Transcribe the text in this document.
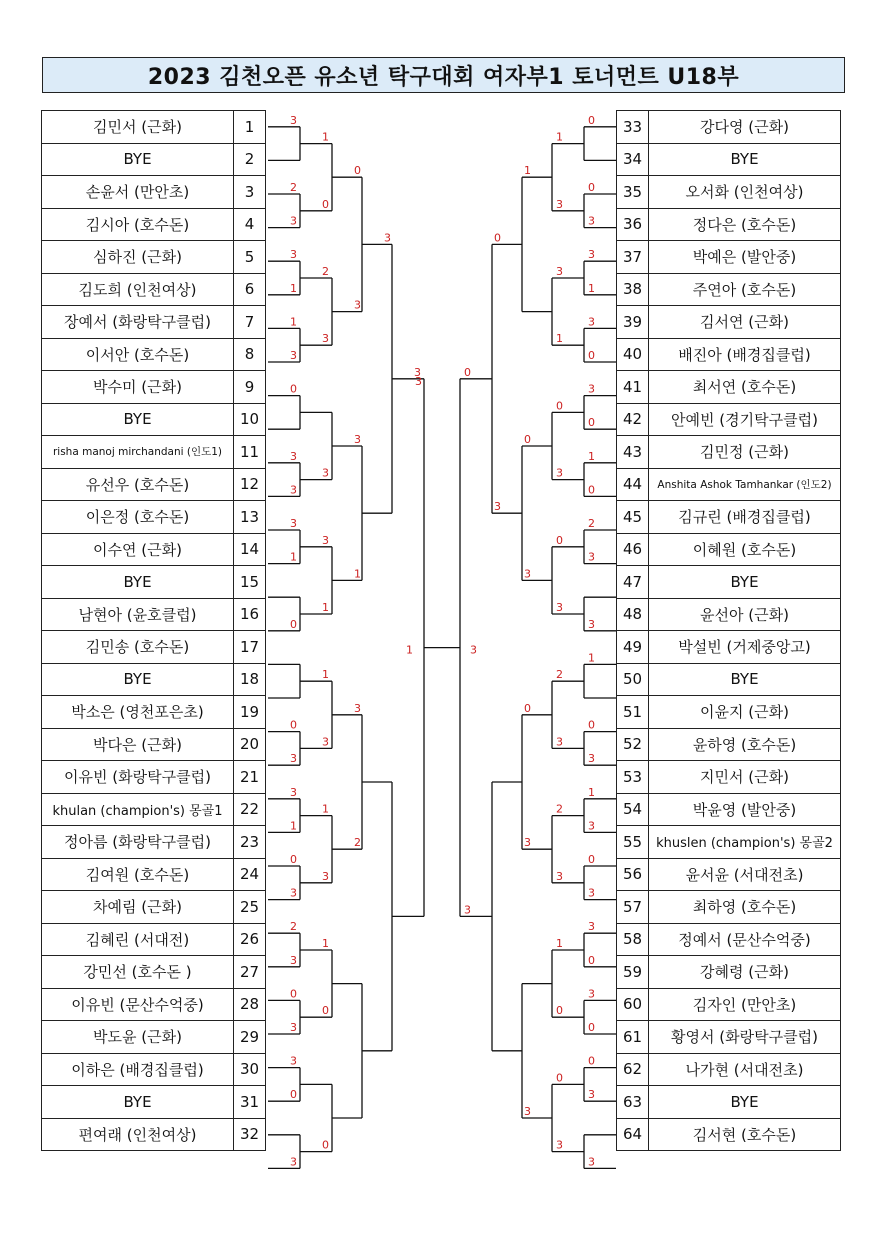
2023 김천오픈 유소년 탁구대회 여자부1 토너먼트 U18부
김민서 (근화)	1
BYE	2
손윤서 (만안초)	3
김시아 (호수돈)	4
심하진 (근화)	5
김도희 (인천여상)	6
장예서 (화랑탁구클럽)	7
이서안 (호수돈)	8
박수미 (근화)	9
BYE	10
risha manoj mirchandani (인도1)	11
유선우 (호수돈)	12
이은정 (호수돈)	13
이수연 (근화)	14
BYE	15
남현아 (윤호클럽)	16
김민송 (호수돈)	17
BYE	18
박소은 (영천포은초)	19
박다은 (근화)	20
이유빈 (화랑탁구클럽)	21
khulan (champion's) 몽골1	22
정아름 (화랑탁구클럽)	23
김여원 (호수돈)	24
차예림 (근화)	25
김혜린 (서대전)	26
강민선 (호수돈 )	27
이유빈 (문산수억중)	28
박도윤 (근화)	29
이하은 (배경집클럽)	30
BYE	31
편여래 (인천여상)	32
33	강다영 (근화)
34	BYE
35	오서화 (인천여상)
36	정다은 (호수돈)
37	박예은 (발안중)
38	주연아 (호수돈)
39	김서연 (근화)
40	배진아 (배경집클럽)
41	최서연 (호수돈)
42	안예빈 (경기탁구클럽)
43	김민정 (근화)
44	Anshita Ashok Tamhankar (인도2)
45	김규린 (배경집클럽)
46	이혜원 (호수돈)
47	BYE
48	윤선아 (근화)
49	박설빈 (거제중앙고)
50	BYE
51	이윤지 (근화)
52	윤하영 (호수돈)
53	지민서 (근화)
54	박윤영 (발안중)
55	khuslen (champion's) 몽골2
56	윤서윤 (서대전초)
57	최하영 (호수돈)
58	정예서 (문산수억중)
59	강혜령 (근화)
60	김자인 (만안초)
61	황영서 (화랑탁구클럽)
62	나가현 (서대전초)
63	BYE
64	김서현 (호수돈)
3
2
3
3
1
1
3
0
3
3
3
1
0
0
3
3
1
0
3
2
3
0
3
3
0
3
1
0
2
3
3
3
1
1
3
1
3
1
0
0
0
3
3
1
3
2
3
3
0
0
3
3
1
3
0
3
0
1
0
2
3
3
1
0
3
1
3
0
3
3
0
3
0
0
3
3
1
3
3
1
0
3
0
3
2
3
2
3
1
0
0
3
1
0
3
0
3
3
0
3
0
3
1	3
3
